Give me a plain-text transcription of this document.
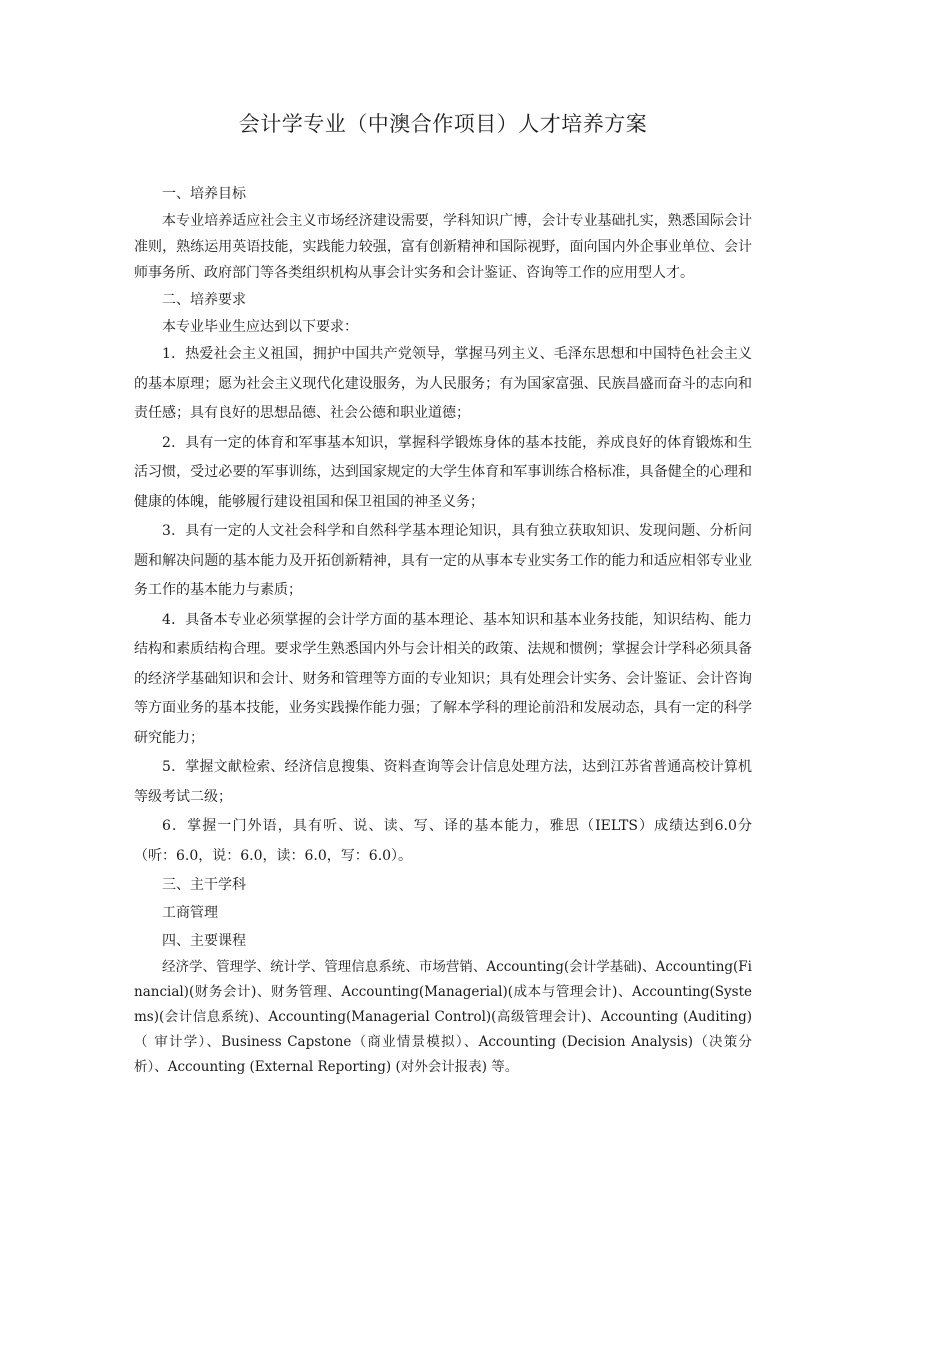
会计学专业（中澳合作项目）人才培养方案

一、培养目标

本专业培养适应社会主义市场经济建设需要，学科知识广博，会计专业基础扎实，熟悉国际会计准则，熟练运用英语技能，实践能力较强，富有创新精神和国际视野，面向国内外企事业单位、会计师事务所、政府部门等各类组织机构从事会计实务和会计鉴证、咨询等工作的应用型人才。

二、培养要求

本专业毕业生应达到以下要求：

1．热爱社会主义祖国，拥护中国共产党领导，掌握马列主义、毛泽东思想和中国特色社会主义的基本原理；愿为社会主义现代化建设服务，为人民服务；有为国家富强、民族昌盛而奋斗的志向和责任感；具有良好的思想品德、社会公德和职业道德；

2．具有一定的体育和军事基本知识，掌握科学锻炼身体的基本技能，养成良好的体育锻炼和生活习惯，受过必要的军事训练，达到国家规定的大学生体育和军事训练合格标准，具备健全的心理和健康的体魄，能够履行建设祖国和保卫祖国的神圣义务；

3．具有一定的人文社会科学和自然科学基本理论知识，具有独立获取知识、发现问题、分析问题和解决问题的基本能力及开拓创新精神，具有一定的从事本专业实务工作的能力和适应相邻专业业务工作的基本能力与素质；

4．具备本专业必须掌握的会计学方面的基本理论、基本知识和基本业务技能，知识结构、能力结构和素质结构合理。要求学生熟悉国内外与会计相关的政策、法规和惯例；掌握会计学科必须具备的经济学基础知识和会计、财务和管理等方面的专业知识；具有处理会计实务、会计鉴证、会计咨询等方面业务的基本技能，业务实践操作能力强；了解本学科的理论前沿和发展动态，具有一定的科学研究能力；

5．掌握文献检索、经济信息搜集、资料查询等会计信息处理方法，达到江苏省普通高校计算机等级考试二级；

6．掌握一门外语，具有听、说、读、写、译的基本能力，雅思（IELTS）成绩达到6.0分（听：6.0，说：6.0，读：6.0，写：6.0）。

三、主干学科

工商管理

四、主要课程

经济学、管理学、统计学、管理信息系统、市场营销、Accounting(会计学基础)、Accounting(Financial)(财务会计)、财务管理、Accounting(Managerial)(成本与管理会计)、Accounting(Systems)(会计信息系统)、Accounting(Managerial Control)(高级管理会计)、Accounting (Auditing)（ 审计学）、Business Capstone（商业情景模拟）、Accounting (Decision Analysis)（决策分析）、Accounting (External Reporting) (对外会计报表) 等。
